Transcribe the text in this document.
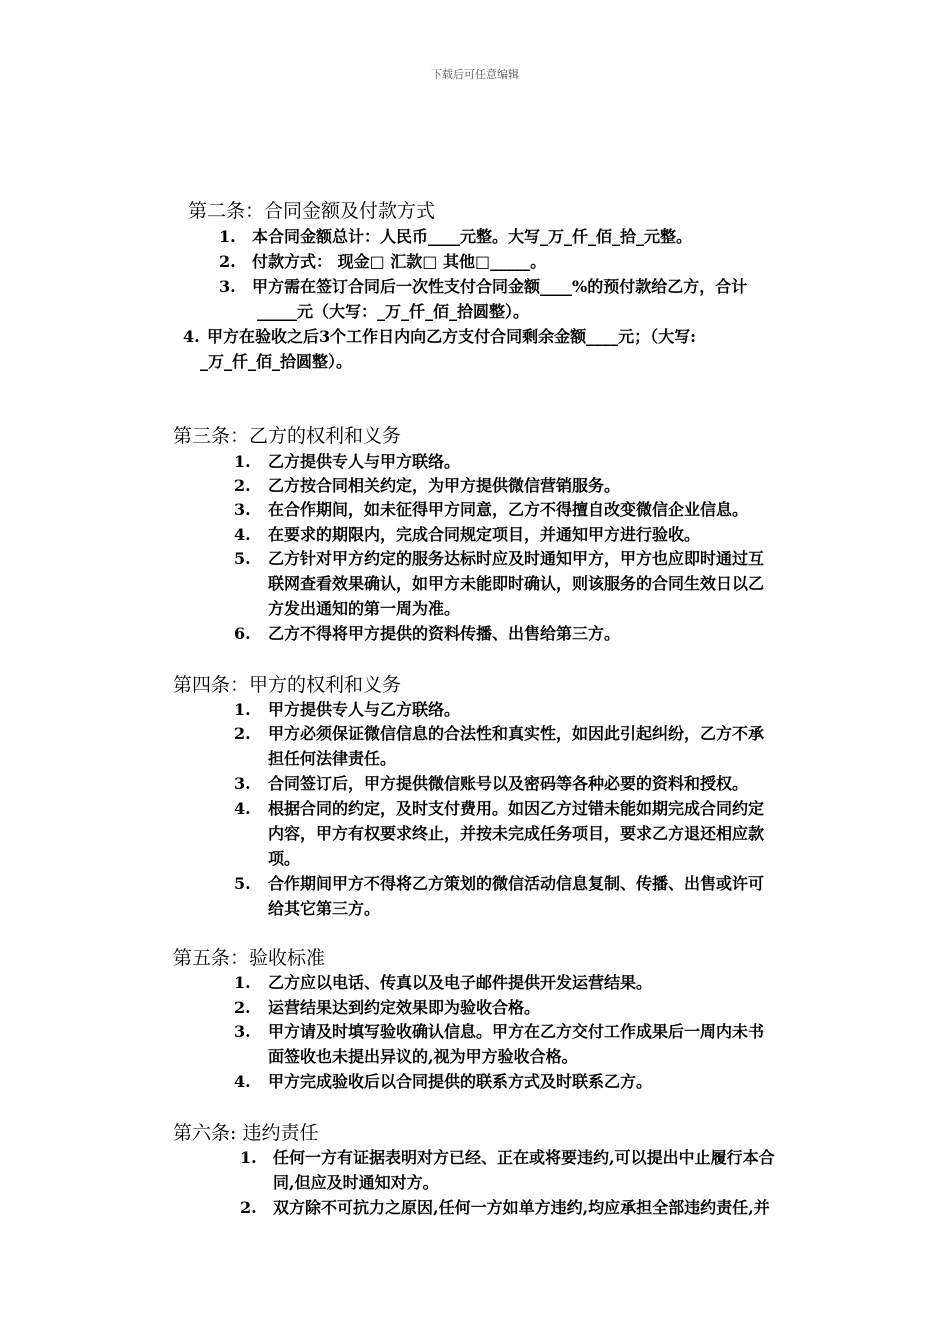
下载后可任意编辑
第二条：合同金额及付款方式
1. 本合同金额总计：人民币____元整。大写_万_仟_佰_拾_元整。
2. 付款方式： 现金□ 汇款□ 其他□_____。
3. 甲方需在签订合同后一次性支付合同金额____%的预付款给乙方，合计
_____元（大写：_万_仟_佰_拾圆整）。
4. 甲方在验收之后3个工作日内向乙方支付合同剩余金额____元；（大写:
_万_仟_佰_拾圆整）。
第三条：乙方的权利和义务
1. 乙方提供专人与甲方联络。
2. 乙方按合同相关约定，为甲方提供微信营销服务。
3. 在合作期间，如未征得甲方同意，乙方不得擅自改变微信企业信息。
4. 在要求的期限内，完成合同规定项目，并通知甲方进行验收。
5. 乙方针对甲方约定的服务达标时应及时通知甲方，甲方也应即时通过互
联网查看效果确认，如甲方未能即时确认，则该服务的合同生效日以乙
方发出通知的第一周为准。
6. 乙方不得将甲方提供的资料传播、出售给第三方。
第四条：甲方的权利和义务
1. 甲方提供专人与乙方联络。
2. 甲方必须保证微信信息的合法性和真实性，如因此引起纠纷，乙方不承
担任何法律责任。
3. 合同签订后，甲方提供微信账号以及密码等各种必要的资料和授权。
4. 根据合同的约定，及时支付费用。如因乙方过错未能如期完成合同约定
内容，甲方有权要求终止，并按未完成任务项目，要求乙方退还相应款
项。
5. 合作期间甲方不得将乙方策划的微信活动信息复制、传播、出售或许可
给其它第三方。
第五条：验收标准
1. 乙方应以电话、传真以及电子邮件提供开发运营结果。
2. 运营结果达到约定效果即为验收合格。
3. 甲方请及时填写验收确认信息。甲方在乙方交付工作成果后一周内未书
面签收也未提出异议的,视为甲方验收合格。
4. 甲方完成验收后以合同提供的联系方式及时联系乙方。
第六条: 违约责任
1. 任何一方有证据表明对方已经、正在或将要违约,可以提出中止履行本合
同,但应及时通知对方。
2. 双方除不可抗力之原因,任何一方如单方违约,均应承担全部违约责任,并
